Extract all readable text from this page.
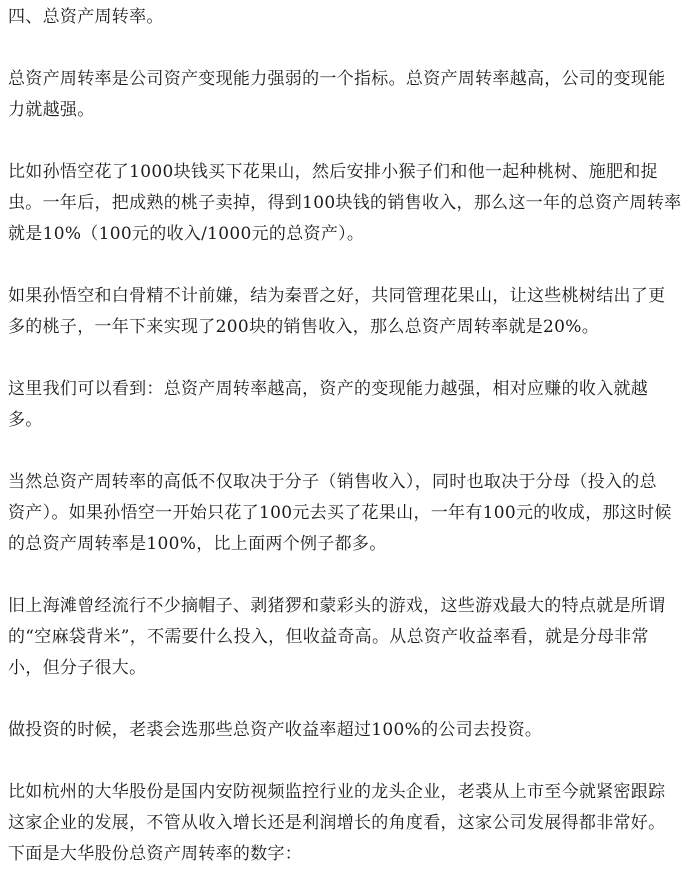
四、总资产周转率。
总资产周转率是公司资产变现能力强弱的一个指标。总资产周转率越高，公司的变现能
力就越强。
比如孙悟空花了1000块钱买下花果山，然后安排小猴子们和他一起种桃树、施肥和捉
虫。一年后，把成熟的桃子卖掉，得到100块钱的销售收入，那么这一年的总资产周转率
就是10%（100元的收入/1000元的总资产）。
如果孙悟空和白骨精不计前嫌，结为秦晋之好，共同管理花果山，让这些桃树结出了更
多的桃子，一年下来实现了200块的销售收入，那么总资产周转率就是20%。
这里我们可以看到：总资产周转率越高，资产的变现能力越强，相对应赚的收入就越
多。
当然总资产周转率的高低不仅取决于分子（销售收入），同时也取决于分母（投入的总
资产）。如果孙悟空一开始只花了100元去买了花果山，一年有100元的收成，那这时候
的总资产周转率是100%，比上面两个例子都多。
旧上海滩曾经流行不少摘帽子、剥猪猡和蒙彩头的游戏，这些游戏最大的特点就是所谓
的“空麻袋背米”，不需要什么投入，但收益奇高。从总资产收益率看，就是分母非常
小，但分子很大。
做投资的时候，老裘会选那些总资产收益率超过100%的公司去投资。
比如杭州的大华股份是国内安防视频监控行业的龙头企业，老裘从上市至今就紧密跟踪
这家企业的发展，不管从收入增长还是利润增长的角度看，这家公司发展得都非常好。
下面是大华股份总资产周转率的数字：
